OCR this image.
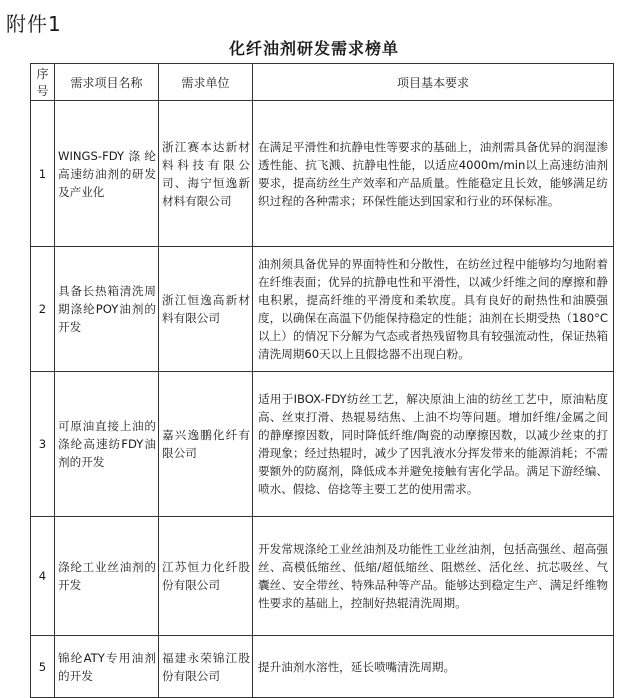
附件1
化纤油剂研发需求榜单
序号	需求项目名称	需求单位	项目基本要求
1	WINGS-FDY涤纶高速纺油剂的研发及产业化	浙江赛本达新材料科技有限公司、海宁恒逸新材料有限公司	在满足平滑性和抗静电性等要求的基础上，油剂需具备优异的润湿渗透性能、抗飞溅、抗静电性能，以适应4000m/min以上高速纺油剂要求，提高纺丝生产效率和产品质量。性能稳定且长效，能够满足纺织过程的各种需求；环保性能达到国家和行业的环保标准。
2	具备长热箱清洗周期涤纶POY油剂的开发	浙江恒逸高新材料有限公司	油剂须具备优异的界面特性和分散性，在纺丝过程中能够均匀地附着在纤维表面；优异的抗静电性和平滑性，以减少纤维之间的摩擦和静电积累，提高纤维的平滑度和柔软度。具有良好的耐热性和油膜强度，以确保在高温下仍能保持稳定的性能；油剂在长期受热（180°C以上）的情况下分解为气态或者热残留物具有较强流动性，保证热箱清洗周期60天以上且假捻器不出现白粉。
3	可原油直接上油的涤纶高速纺FDY油剂的开发	嘉兴逸鹏化纤有限公司	适用于IBOX-FDY纺丝工艺，解决原油上油的纺丝工艺中，原油粘度高、丝束打滑、热辊易结焦、上油不均等问题。增加纤维/金属之间的静摩擦因数，同时降低纤维/陶瓷的动摩擦因数，以减少丝束的打滑现象；经过热辊时，减少了因乳液水分挥发带来的能源消耗；不需要额外的防腐剂，降低成本并避免接触有害化学品。满足下游经编、喷水、假捻、倍捻等主要工艺的使用需求。
4	涤纶工业丝油剂的开发	江苏恒力化纤股份有限公司	开发常规涤纶工业丝油剂及功能性工业丝油剂，包括高强丝、超高强丝、高模低缩丝、低缩/超低缩丝、阻燃丝、活化丝、抗芯吸丝、气囊丝、安全带丝、特殊品种等产品。能够达到稳定生产、满足纤维物性要求的基础上，控制好热辊清洗周期。
5	锦纶ATY专用油剂的开发	福建永荣锦江股份有限公司	提升油剂水溶性，延长喷嘴清洗周期。
